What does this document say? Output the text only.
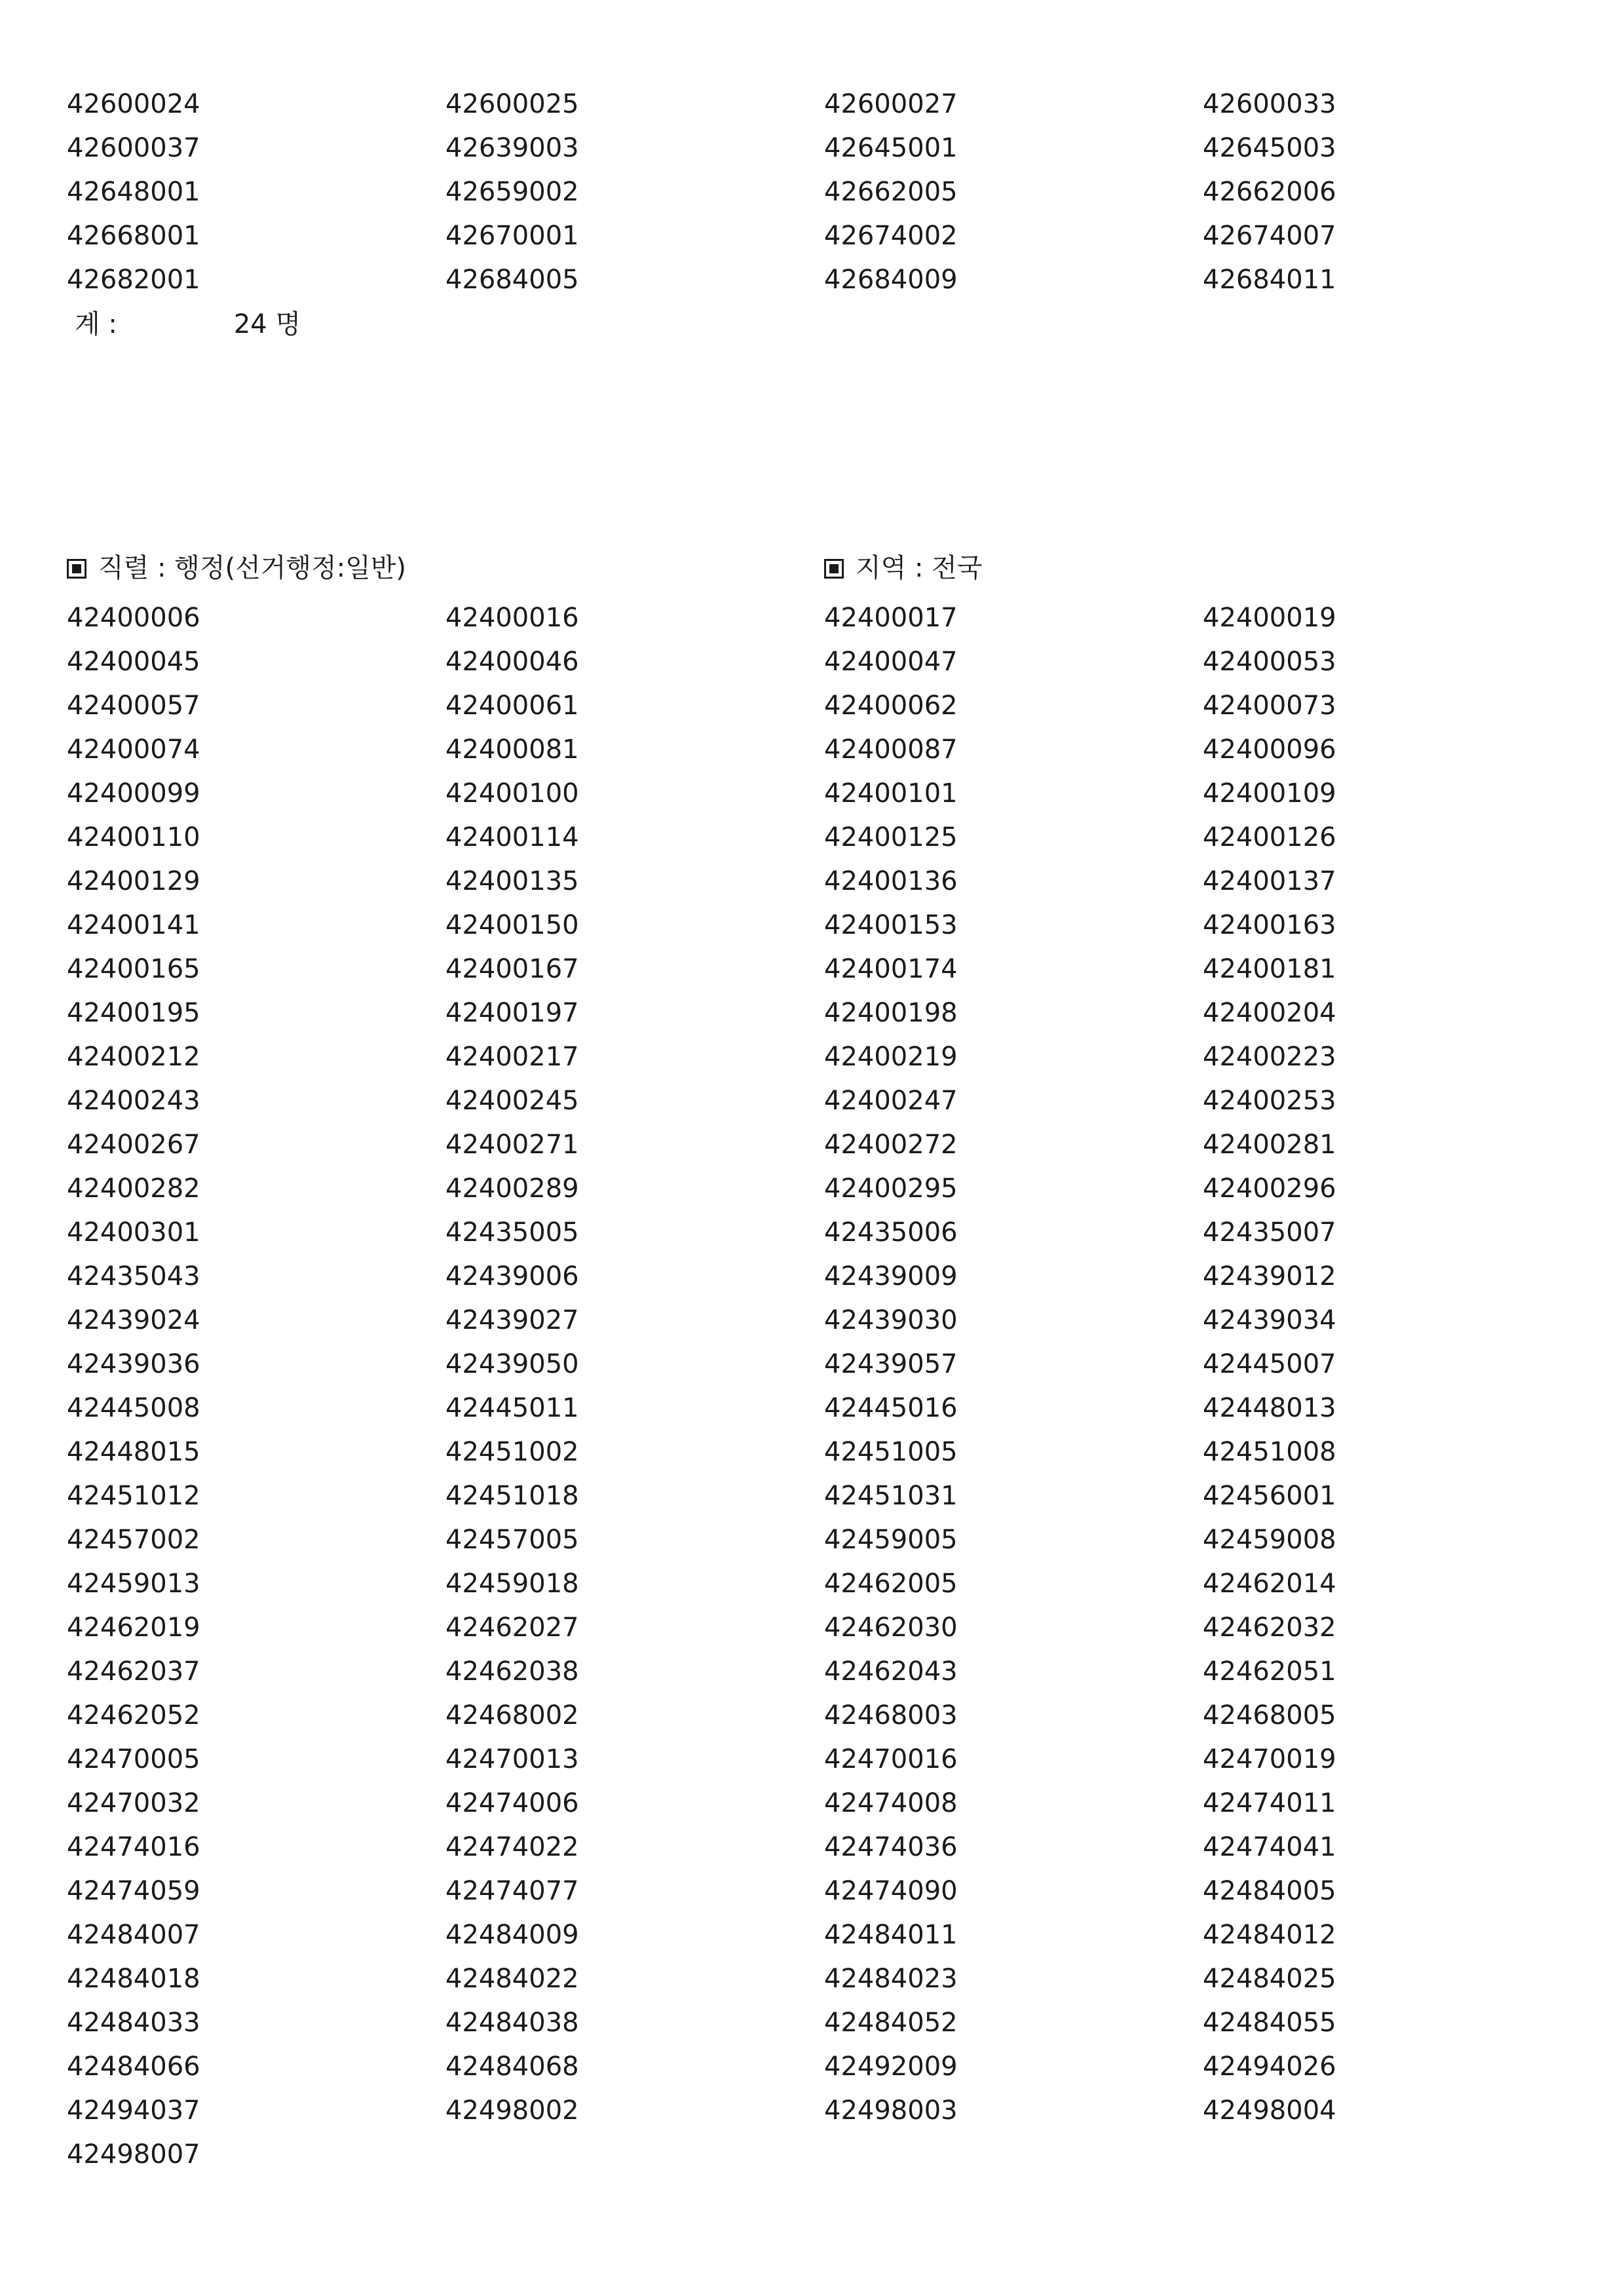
42600024	42600025	42600027	42600033
42600037	42639003	42645001	42645003
42648001	42659002	42662005	42662006
42668001	42670001	42674002	42674007
42682001	42684005	42684009	42684011
계 :	24 명
직렬 : 행정(선거행정:일반)	지역 : 전국
42400006	42400016	42400017	42400019
42400045	42400046	42400047	42400053
42400057	42400061	42400062	42400073
42400074	42400081	42400087	42400096
42400099	42400100	42400101	42400109
42400110	42400114	42400125	42400126
42400129	42400135	42400136	42400137
42400141	42400150	42400153	42400163
42400165	42400167	42400174	42400181
42400195	42400197	42400198	42400204
42400212	42400217	42400219	42400223
42400243	42400245	42400247	42400253
42400267	42400271	42400272	42400281
42400282	42400289	42400295	42400296
42400301	42435005	42435006	42435007
42435043	42439006	42439009	42439012
42439024	42439027	42439030	42439034
42439036	42439050	42439057	42445007
42445008	42445011	42445016	42448013
42448015	42451002	42451005	42451008
42451012	42451018	42451031	42456001
42457002	42457005	42459005	42459008
42459013	42459018	42462005	42462014
42462019	42462027	42462030	42462032
42462037	42462038	42462043	42462051
42462052	42468002	42468003	42468005
42470005	42470013	42470016	42470019
42470032	42474006	42474008	42474011
42474016	42474022	42474036	42474041
42474059	42474077	42474090	42484005
42484007	42484009	42484011	42484012
42484018	42484022	42484023	42484025
42484033	42484038	42484052	42484055
42484066	42484068	42492009	42494026
42494037	42498002	42498003	42498004
42498007
